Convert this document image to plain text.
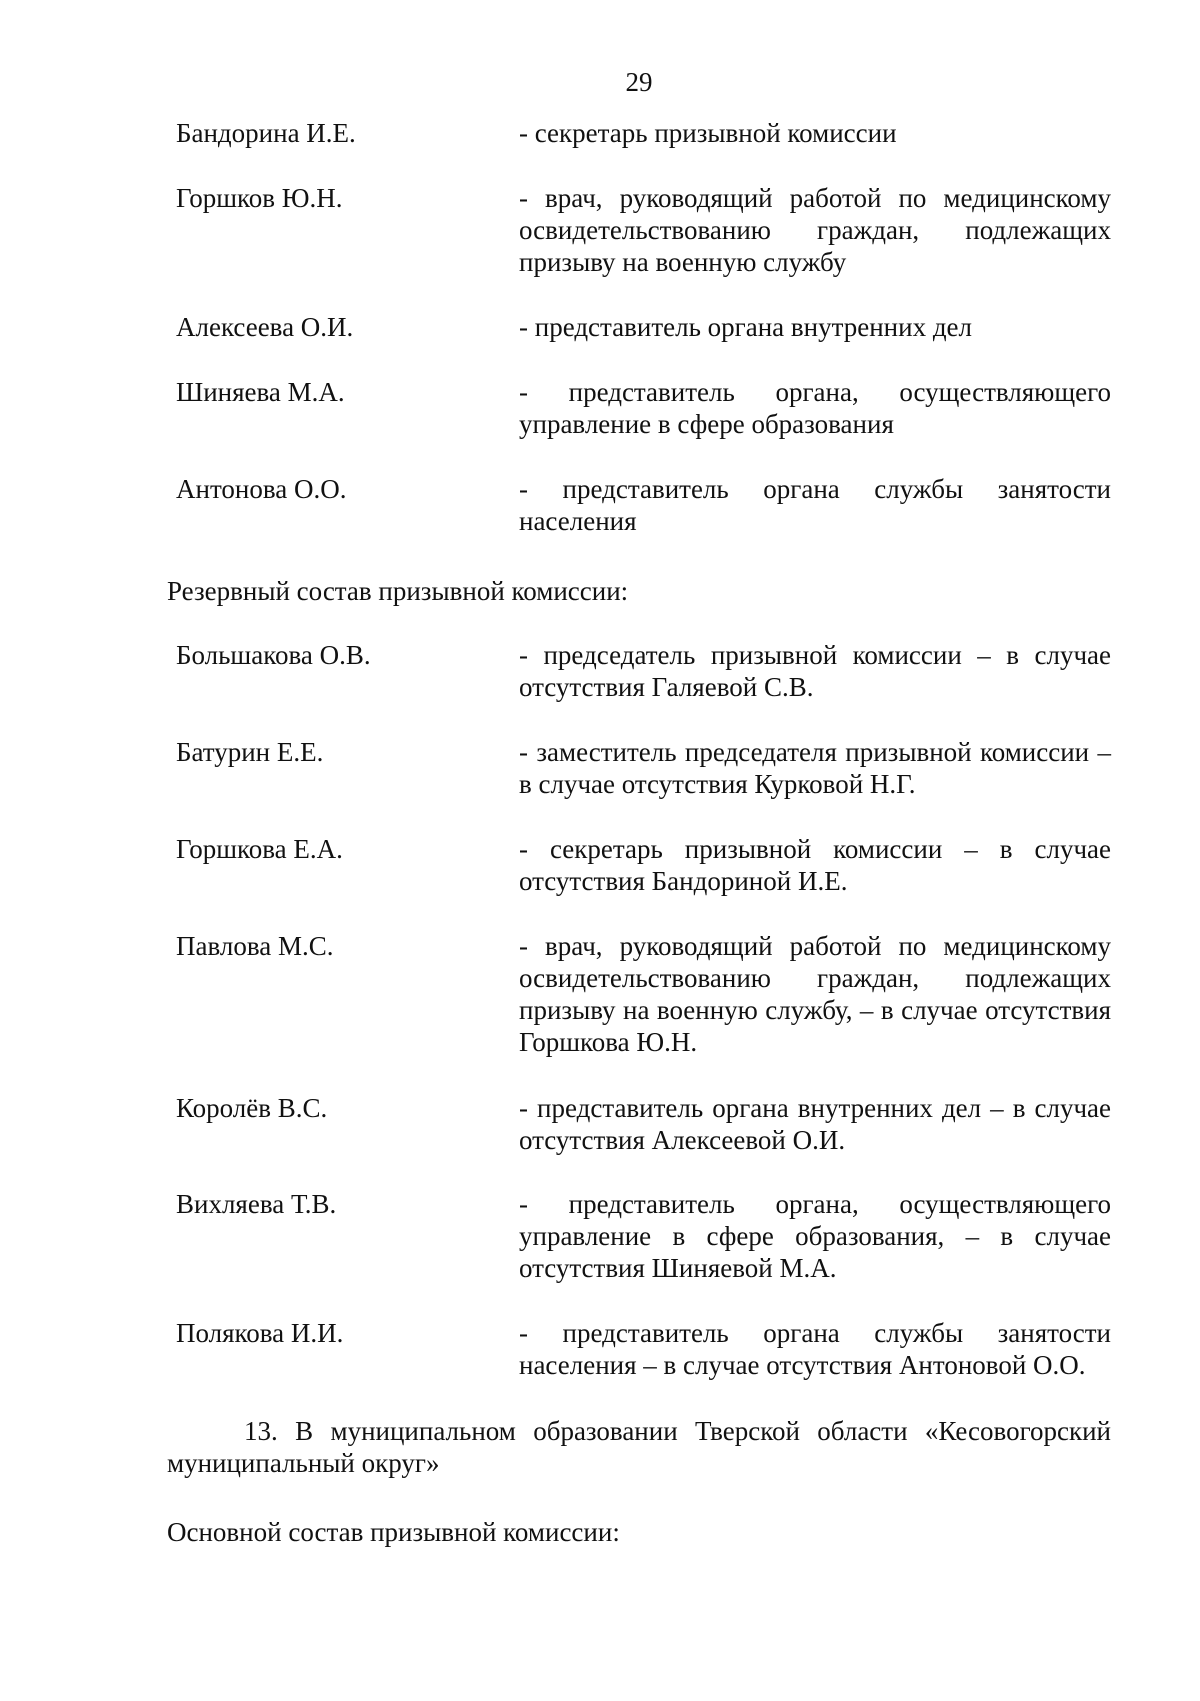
29
Бандорина И.Е.	- секретарь призывной комиссии
Горшков Ю.Н.	- врач, руководящий работой по медицинскому освидетельствованию граждан, подлежащих призыву на военную службу
Алексеева О.И.	- представитель органа внутренних дел
Шиняева М.А.	- представитель органа, осуществляющего управление в сфере образования
Антонова О.О.	- представитель органа службы занятости населения
Резервный состав призывной комиссии:
Большакова О.В.	- председатель призывной комиссии – в случае отсутствия Галяевой С.В.
Батурин Е.Е.	- заместитель председателя призывной комиссии – в случае отсутствия Курковой Н.Г.
Горшкова Е.А.	- секретарь призывной комиссии – в случае отсутствия Бандориной И.Е.
Павлова М.С.	- врач, руководящий работой по медицинскому освидетельствованию граждан, подлежащих призыву на военную службу, – в случае отсутствия Горшкова Ю.Н.
Королёв В.С.	- представитель органа внутренних дел – в случае отсутствия Алексеевой О.И.
Вихляева Т.В.	- представитель органа, осуществляющего управление в сфере образования, – в случае отсутствия Шиняевой М.А.
Полякова И.И.	- представитель органа службы занятости населения – в случае отсутствия Антоновой О.О.
13. В муниципальном образовании Тверской области «Кесовогорский муниципальный округ»
Основной состав призывной комиссии:
